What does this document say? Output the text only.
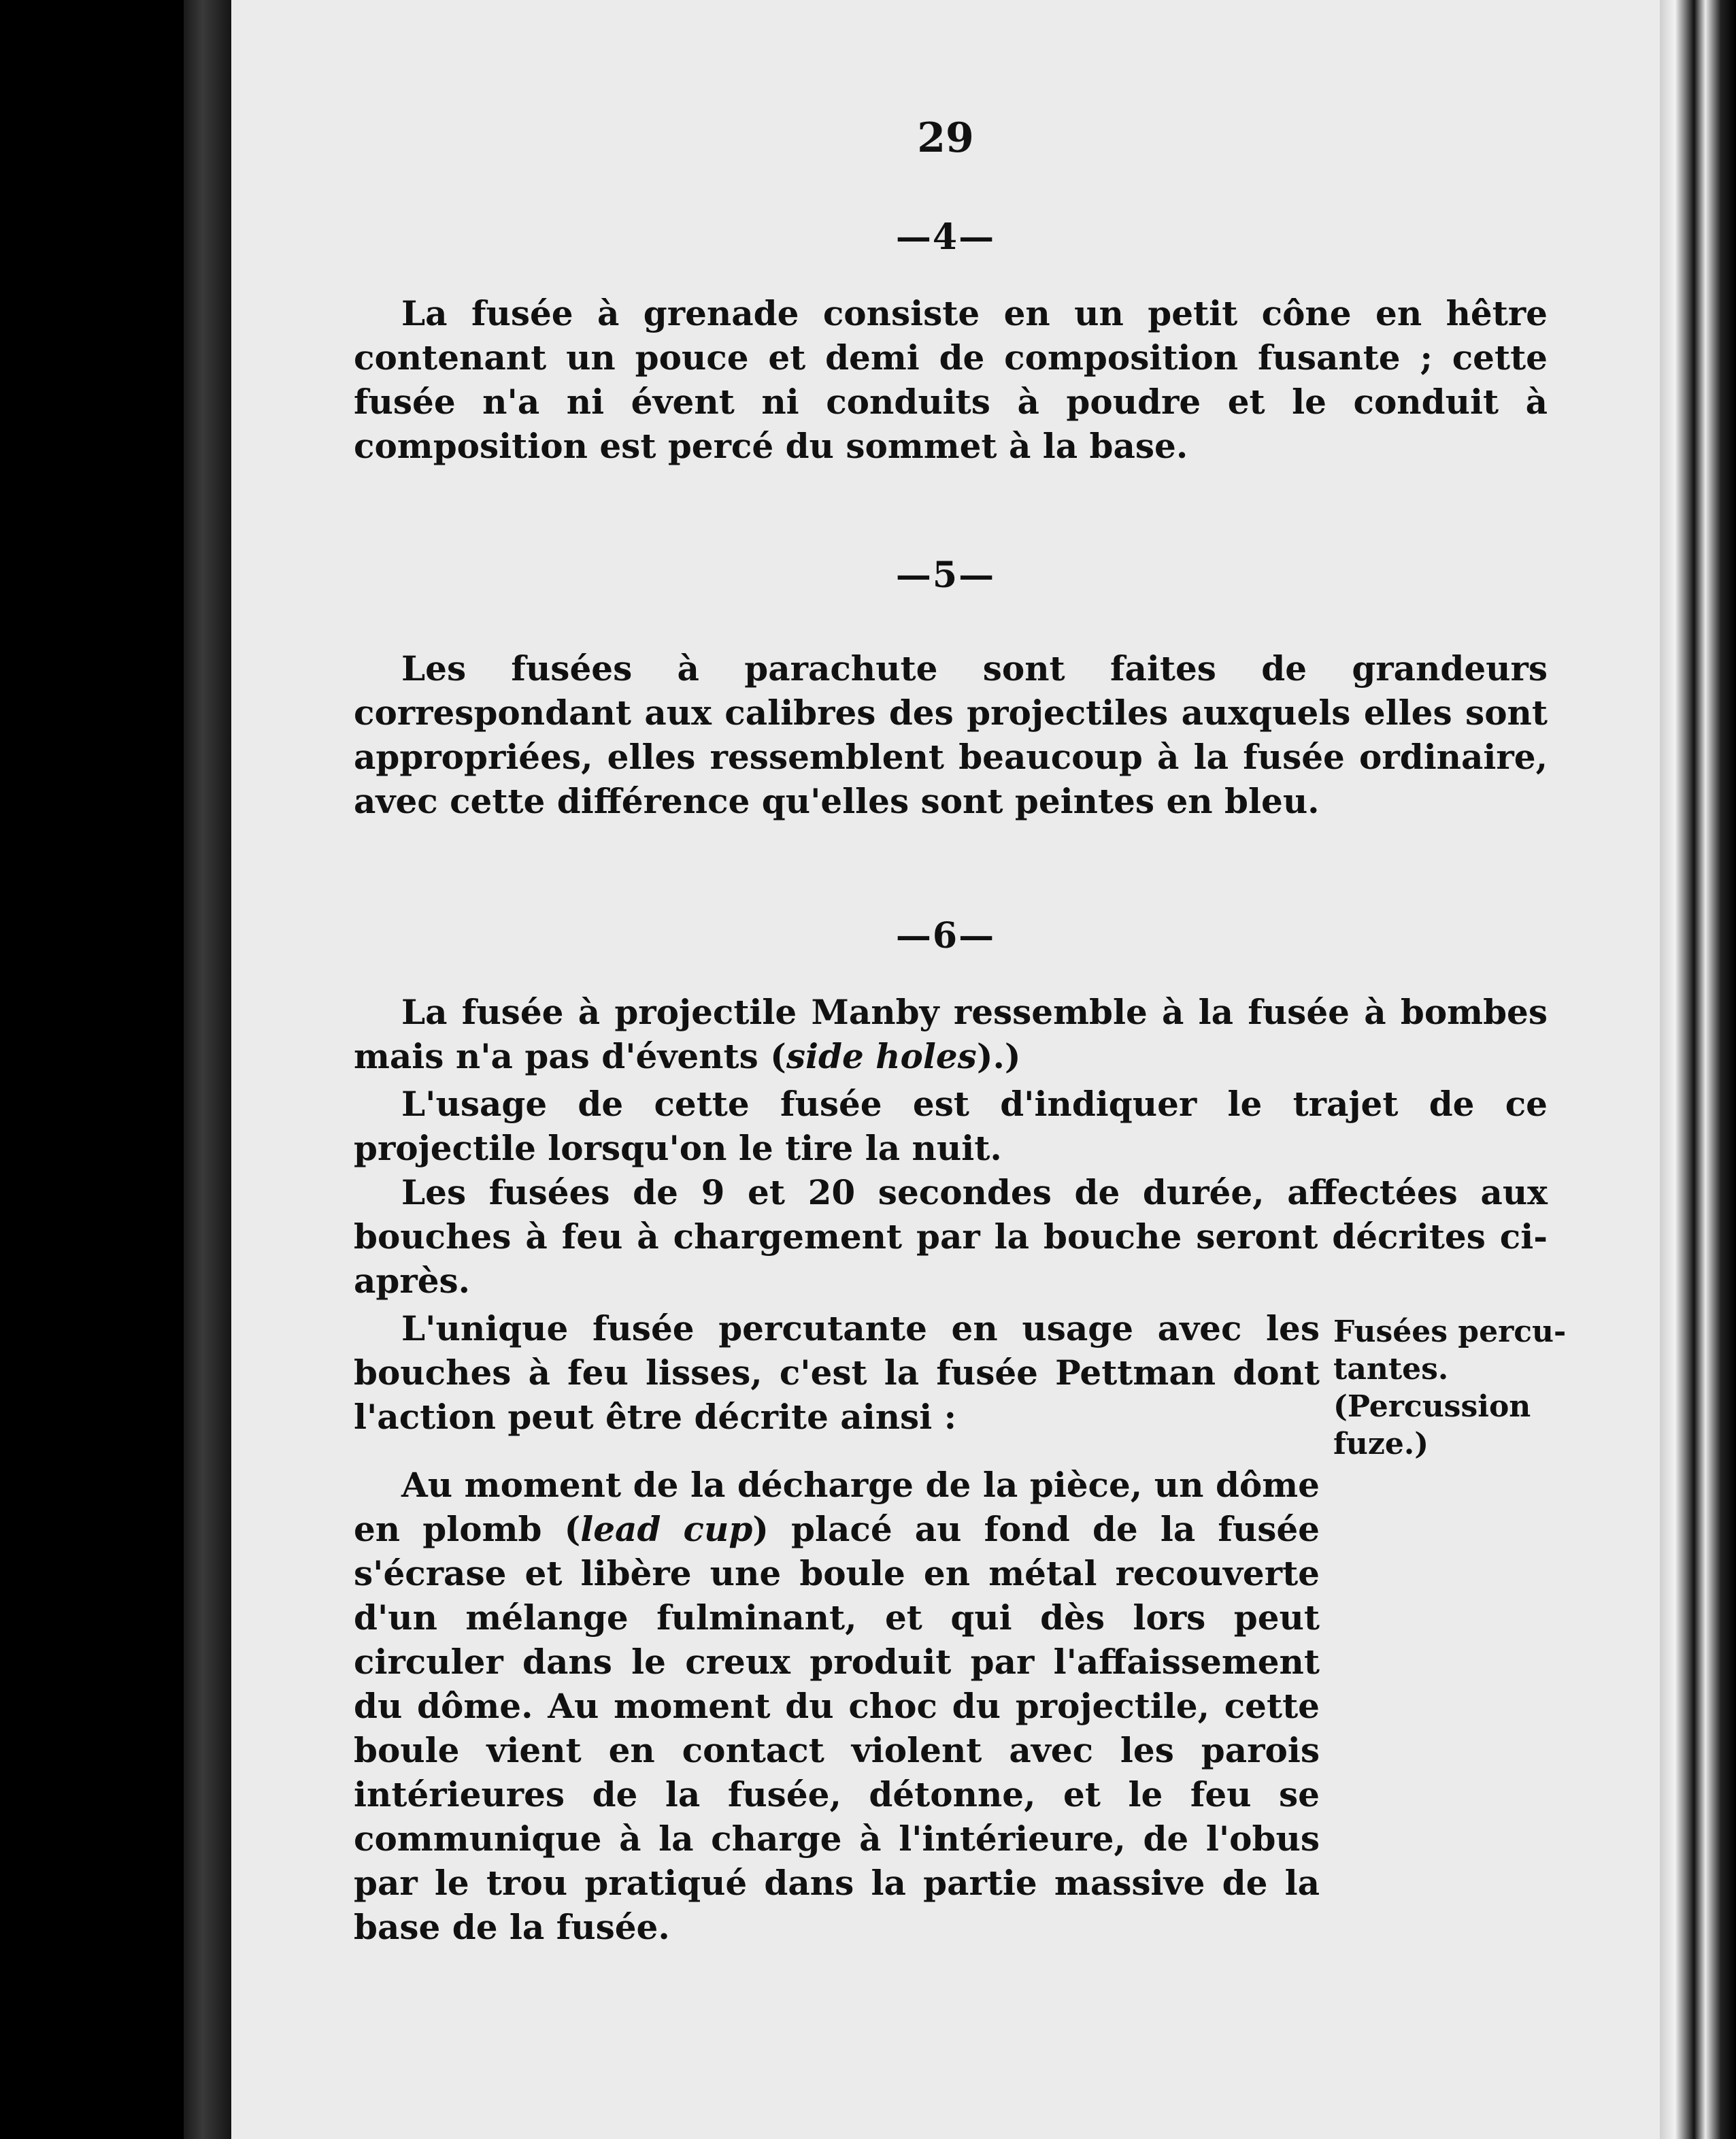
29
—4—

La fusée à grenade consiste en un petit cône en hêtre contenant un pouce et demi de composition fusante ; cette fusée n'a ni évent ni conduits à poudre et le conduit à composition est percé du sommet à la base.

—5—

Les fusées à parachute sont faites de grandeurs correspondant aux calibres des projectiles auxquels elles sont appropriées, elles ressemblent beaucoup à la fusée ordinaire, avec cette différence qu'elles sont peintes en bleu.

—6—

La fusée à projectile Manby ressemble à la fusée à bombes mais n'a pas d'évents (side holes).)

L'usage de cette fusée est d'indiquer le trajet de ce projectile lorsqu'on le tire la nuit.

Les fusées de 9 et 20 secondes de durée, affectées aux bouches à feu à chargement par la bouche seront décrites ci-après.

L'unique fusée percutante en usage avec les bouches à feu lisses, c'est la fusée Pettman dont l'action peut être décrite ainsi :

Au moment de la décharge de la pièce, un dôme en plomb (lead cup) placé au fond de la fusée s'écrase et libère une boule en métal recouverte d'un mélange fulminant, et qui dès lors peut circuler dans le creux produit par l'affaissement du dôme. Au moment du choc du projectile, cette boule vient en contact violent avec les parois intérieures de la fusée, détonne, et le feu se communique à la charge à l'intérieure, de l'obus par le trou pratiqué dans la partie massive de la base de la fusée.

Fusées percu-
tantes.
(Percussion
fuze.)
